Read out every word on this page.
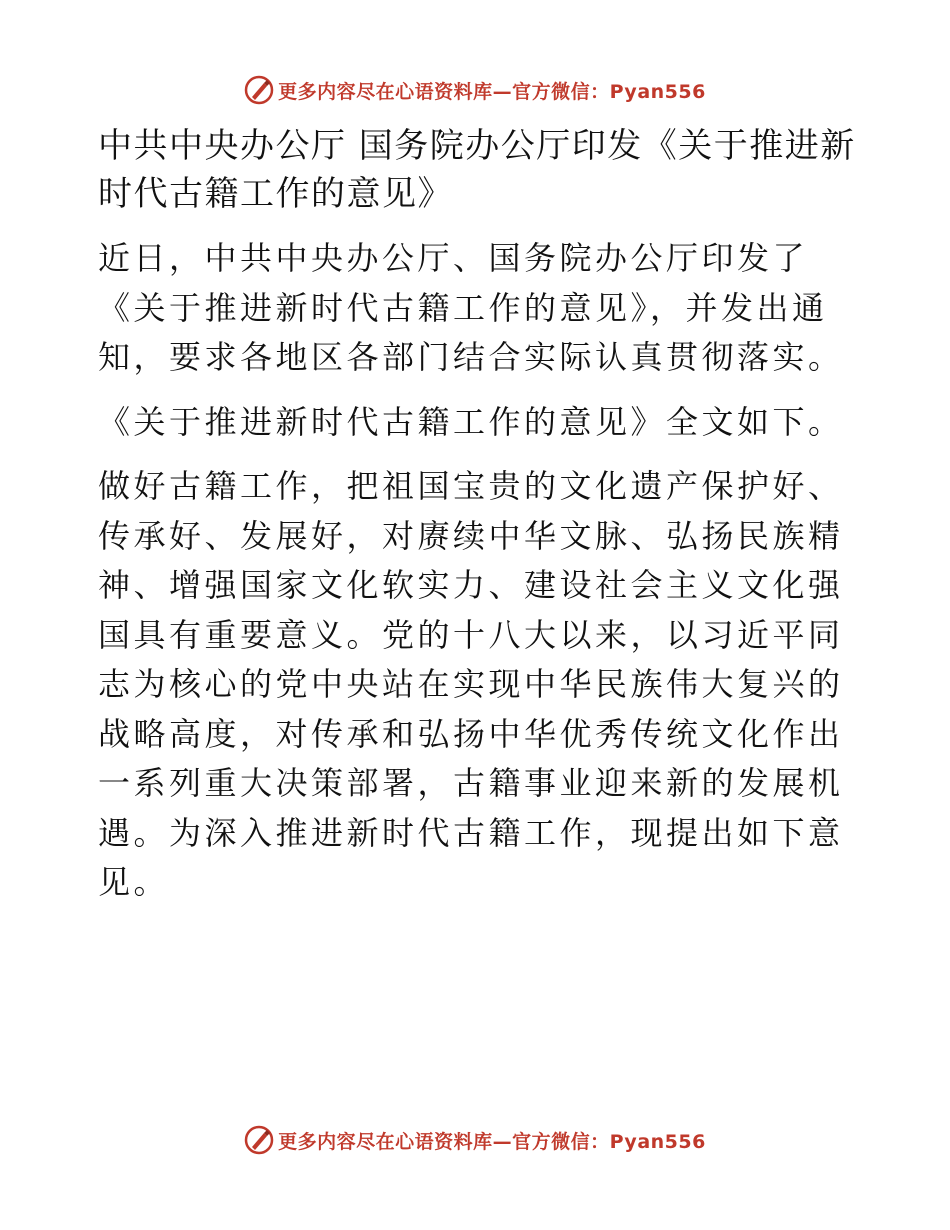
更多内容尽在心语资料库—官方微信：Pyan556
中共中央办公厅 国务院办公厅印发《关于推进新时代古籍工作的意见》

近日，中共中央办公厅、国务院办公厅印发了《关于推进新时代古籍工作的意见》，并发出通知，要求各地区各部门结合实际认真贯彻落实。

《关于推进新时代古籍工作的意见》全文如下。

做好古籍工作，把祖国宝贵的文化遗产保护好、传承好、发展好，对赓续中华文脉、弘扬民族精神、增强国家文化软实力、建设社会主义文化强国具有重要意义。党的十八大以来，以习近平同志为核心的党中央站在实现中华民族伟大复兴的战略高度，对传承和弘扬中华优秀传统文化作出一系列重大决策部署，古籍事业迎来新的发展机遇。为深入推进新时代古籍工作，现提出如下意见。

更多内容尽在心语资料库—官方微信：Pyan556
